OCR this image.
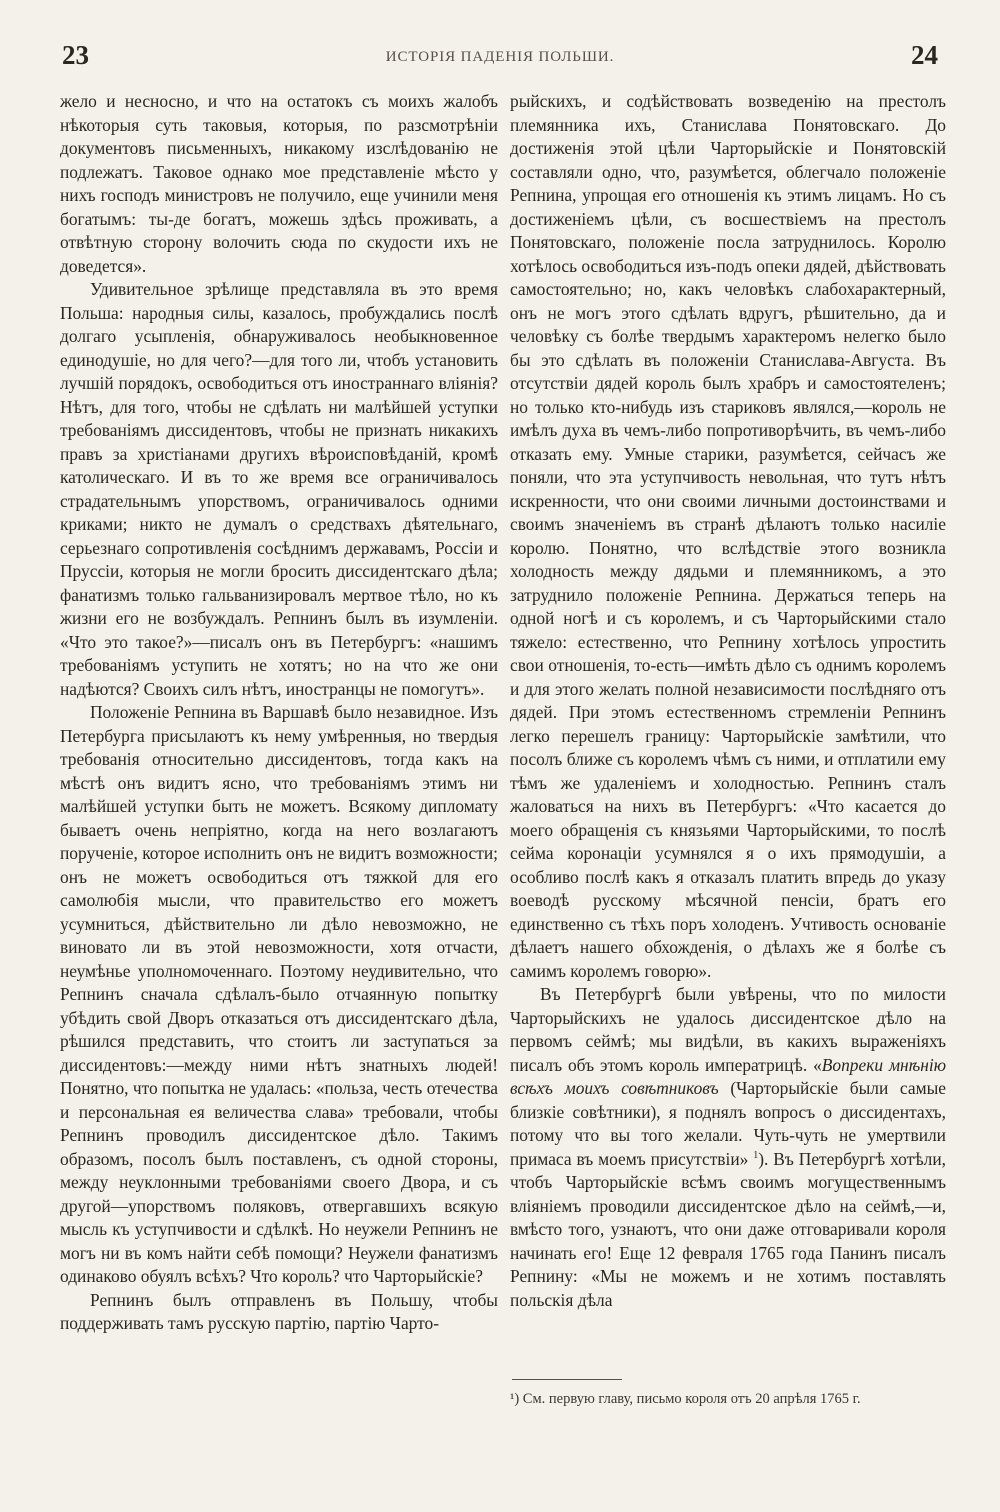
23	ИСТОРІЯ ПАДЕНІЯ ПОЛЬШИ.	24

жело и несносно, и что на остатокъ съ моихъ жалобъ нѣкоторыя суть таковыя, которыя, по разсмотрѣніи документовъ письменныхъ, никакому изслѣдованію не подлежатъ. Таковое однако мое представленіе мѣсто у нихъ господъ министровъ не получило, еще учинили меня богатымъ: ты-де богатъ, можешь здѣсь проживать, а отвѣтную сторону волочить сюда по скудости ихъ не доведется».

Удивительное зрѣлище представляла въ это время Польша: народныя силы, казалось, пробуждались послѣ долгаго усыпленія, обнаруживалось необыкновенное единодушіе, но для чего?—для того ли, чтобъ установить лучшій порядокъ, освободиться отъ иностраннаго вліянія? Нѣтъ, для того, чтобы не сдѣлать ни малѣйшей уступки требованіямъ диссидентовъ, чтобы не признать никакихъ правъ за христіанами другихъ вѣроисповѣданій, кромѣ католическаго. И въ то же время все ограничивалось страдательнымъ упорствомъ, ограничивалось одними криками; никто не думалъ о средствахъ дѣятельнаго, серьезнаго сопротивленія сосѣднимъ державамъ, Россіи и Пруссіи, которыя не могли бросить диссидентскаго дѣла; фанатизмъ только гальванизировалъ мертвое тѣло, но къ жизни его не возбуждалъ. Репнинъ былъ въ изумленіи. «Что это такое?»—писалъ онъ въ Петербургъ: «нашимъ требованіямъ уступить не хотятъ; но на что же они надѣются? Своихъ силъ нѣтъ, иностранцы не помогутъ».

Положеніе Репнина въ Варшавѣ было незавидное. Изъ Петербурга присылаютъ къ нему умѣренныя, но твердыя требованія относительно диссидентовъ, тогда какъ на мѣстѣ онъ видитъ ясно, что требованіямъ этимъ ни малѣйшей уступки быть не можетъ. Всякому дипломату бываетъ очень непріятно, когда на него возлагаютъ порученіе, которое исполнить онъ не видитъ возможности; онъ не можетъ освободиться отъ тяжкой для его самолюбія мысли, что правительство его можетъ усумниться, дѣйствительно ли дѣло невозможно, не виновато ли въ этой невозможности, хотя отчасти, неумѣнье уполномоченнаго. Поэтому неудивительно, что Репнинъ сначала сдѣлалъ-было отчаянную попытку убѣдить свой Дворъ отказаться отъ диссидентскаго дѣла, рѣшился представить, что стоитъ ли заступаться за диссидентовъ:—между ними нѣтъ знатныхъ людей! Понятно, что попытка не удалась: «польза, честь отечества и персональная ея величества слава» требовали, чтобы Репнинъ проводилъ диссидентское дѣло. Такимъ образомъ, посолъ былъ поставленъ, съ одной стороны, между неуклонными требованіями своего Двора, и съ другой—упорствомъ поляковъ, отвергавшихъ всякую мысль къ уступчивости и сдѣлкѣ. Но неужели Репнинъ не могъ ни въ комъ найти себѣ помощи? Неужели фанатизмъ одинаково обуялъ всѣхъ? Что король? что Чарторыйскіе?

Репнинъ былъ отправленъ въ Польшу, чтобы поддерживать тамъ русскую партію, партію Чарто-

рыйскихъ, и содѣйствовать возведенію на престолъ племянника ихъ, Станислава Понятовскаго. До достиженія этой цѣли Чарторыйскіе и Понятовскій составляли одно, что, разумѣется, облегчало положеніе Репнина, упрощая его отношенія къ этимъ лицамъ. Но съ достиженіемъ цѣли, съ восшествіемъ на престолъ Понятовскаго, положеніе посла затруднилось. Королю хотѣлось освободиться изъ-подъ опеки дядей, дѣйствовать самостоятельно; но, какъ человѣкъ слабохарактерный, онъ не могъ этого сдѣлать вдругъ, рѣшительно, да и человѣку съ болѣе твердымъ характеромъ нелегко было бы это сдѣлать въ положеніи Станислава-Августа. Въ отсутствіи дядей король былъ храбръ и самостоятеленъ; но только кто-нибудь изъ стариковъ являлся,—король не имѣлъ духа въ чемъ-либо попротиворѣчить, въ чемъ-либо отказать ему. Умные старики, разумѣется, сейчасъ же поняли, что эта уступчивость невольная, что тутъ нѣтъ искренности, что они своими личными достоинствами и своимъ значеніемъ въ странѣ дѣлаютъ только насиліе королю. Понятно, что вслѣдствіе этого возникла холодность между дядьми и племянникомъ, а это затруднило положеніе Репнина. Держаться теперь на одной ногѣ и съ королемъ, и съ Чарторыйскими стало тяжело: естественно, что Репнину хотѣлось упростить свои отношенія, то-есть—имѣть дѣло съ однимъ королемъ и для этого желать полной независимости послѣдняго отъ дядей. При этомъ естественномъ стремленіи Репнинъ легко перешелъ границу: Чарторыйскіе замѣтили, что посолъ ближе съ королемъ чѣмъ съ ними, и отплатили ему тѣмъ же удаленіемъ и холодностью. Репнинъ сталъ жаловаться на нихъ въ Петербургъ: «Что касается до моего обращенія съ князьями Чарторыйскими, то послѣ сейма коронаціи усумнялся я о ихъ прямодушіи, а особливо послѣ какъ я отказалъ платить впредь до указу воеводѣ русскому мѣсячной пенсіи, братъ его единственно съ тѣхъ поръ холоденъ. Учтивость основаніе дѣлаетъ нашего обхожденія, о дѣлахъ же я болѣе съ самимъ королемъ говорю».

Въ Петербургѣ были увѣрены, что по милости Чарторыйскихъ не удалось диссидентское дѣло на первомъ сеймѣ; мы видѣли, въ какихъ выраженіяхъ писалъ объ этомъ король императрицѣ. «Вопреки мнѣнію всѣхъ моихъ совѣтниковъ (Чарторыйскіе были самые близкіе совѣтники), я поднялъ вопросъ о диссидентахъ, потому что вы того желали. Чуть-чуть не умертвили примаса въ моемъ присутствіи» $^1$). Въ Петербургѣ хотѣли, чтобъ Чарторыйскіе всѣмъ своимъ могущественнымъ вліяніемъ проводили диссидентское дѣло на сеймѣ,—и, вмѣсто того, узнаютъ, что они даже отговаривали короля начинать его! Еще 12 февраля 1765 года Панинъ писалъ Репнину: «Мы не можемъ и не хотимъ поставлять польскія дѣла

¹) См. первую главу, письмо короля отъ 20 апрѣля 1765 г.
